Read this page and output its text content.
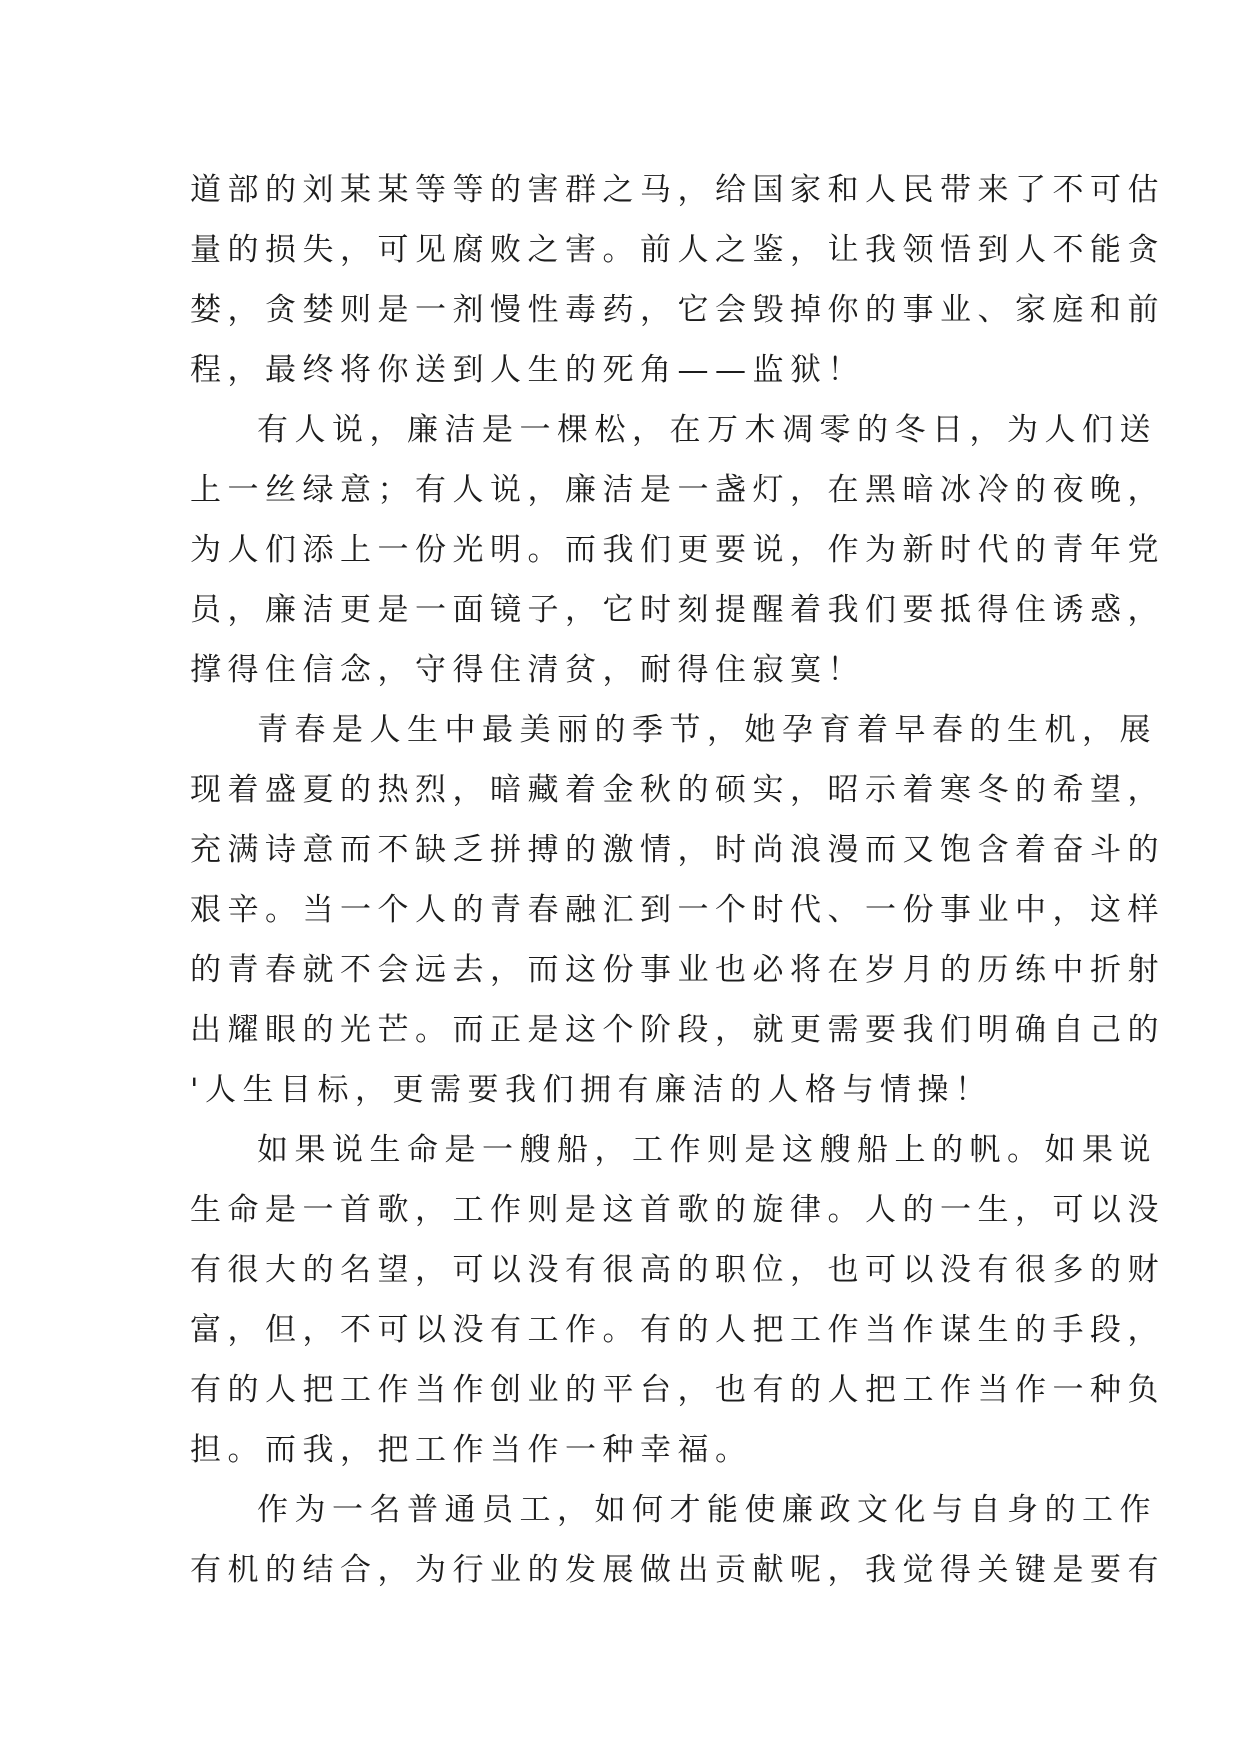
道部的刘某某等等的害群之马，给国家和人民带来了不可估
量的损失，可见腐败之害。前人之鉴，让我领悟到人不能贪
婪，贪婪则是一剂慢性毒药，它会毁掉你的事业、家庭和前
程，最终将你送到人生的死角——监狱！

有人说，廉洁是一棵松，在万木凋零的冬日，为人们送
上一丝绿意；有人说，廉洁是一盏灯，在黑暗冰冷的夜晚，
为人们添上一份光明。而我们更要说，作为新时代的青年党
员，廉洁更是一面镜子，它时刻提醒着我们要抵得住诱惑，
撑得住信念，守得住清贫，耐得住寂寞！

青春是人生中最美丽的季节，她孕育着早春的生机，展
现着盛夏的热烈，暗藏着金秋的硕实，昭示着寒冬的希望，
充满诗意而不缺乏拼搏的激情，时尚浪漫而又饱含着奋斗的
艰辛。当一个人的青春融汇到一个时代、一份事业中，这样
的青春就不会远去，而这份事业也必将在岁月的历练中折射
出耀眼的光芒。而正是这个阶段，就更需要我们明确自己的
'人生目标，更需要我们拥有廉洁的人格与情操！

如果说生命是一艘船，工作则是这艘船上的帆。如果说
生命是一首歌，工作则是这首歌的旋律。人的一生，可以没
有很大的名望，可以没有很高的职位，也可以没有很多的财
富，但，不可以没有工作。有的人把工作当作谋生的手段，
有的人把工作当作创业的平台，也有的人把工作当作一种负
担。而我，把工作当作一种幸福。

作为一名普通员工，如何才能使廉政文化与自身的工作
有机的结合，为行业的发展做出贡献呢，我觉得关键是要有
